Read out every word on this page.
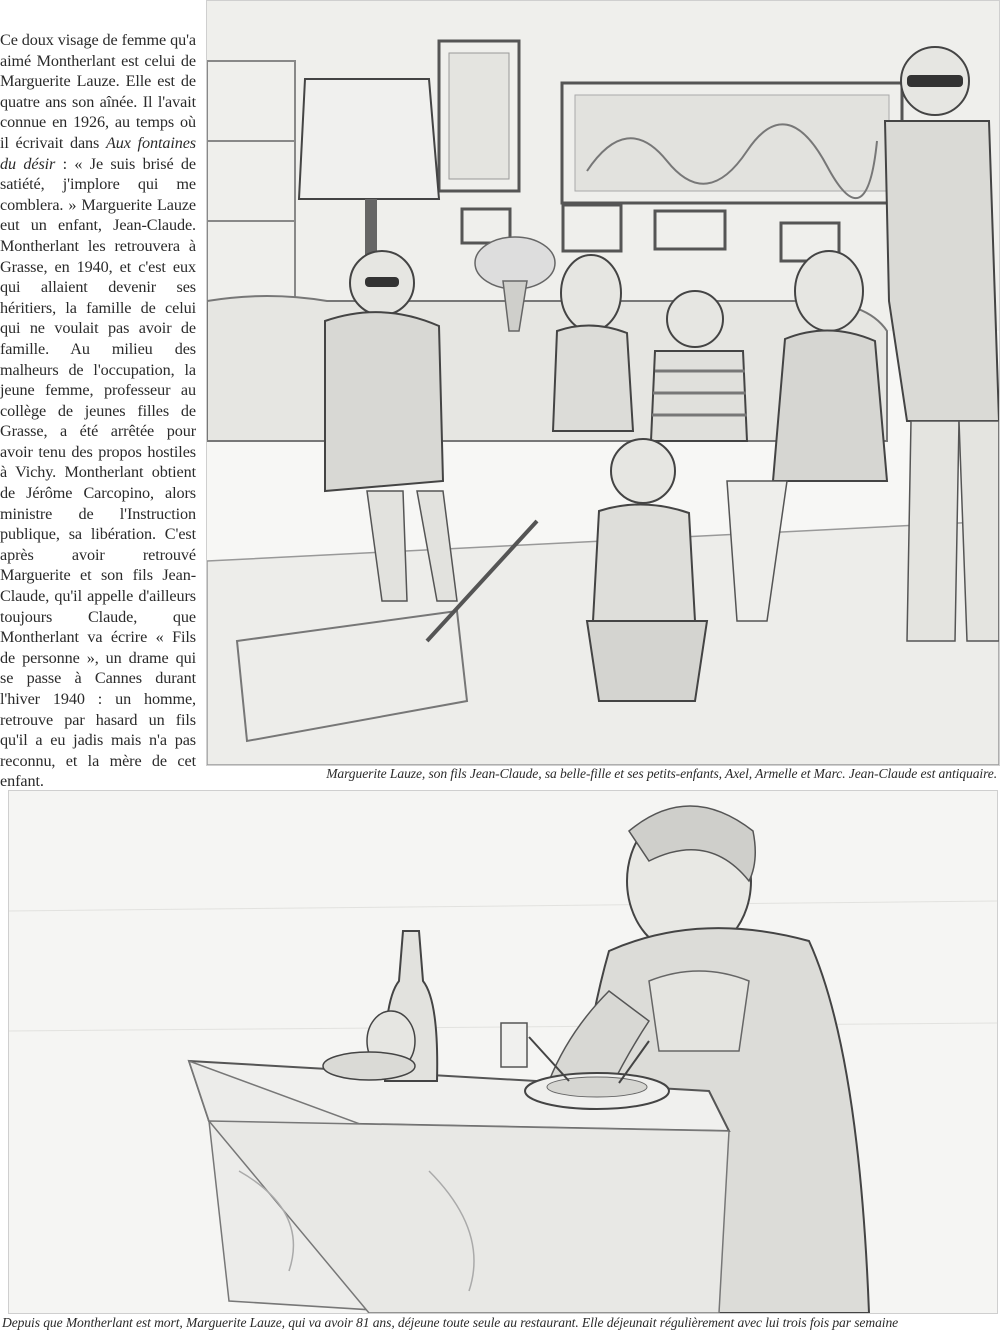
Ce doux visage de femme qu'a aimé Montherlant est celui de Marguerite Lauze. Elle est de quatre ans son aînée. Il l'avait connue en 1926, au temps où il écrivait dans Aux fontaines du désir : « Je suis brisé de satiété, j'implore qui me comblera. » Marguerite Lauze eut un enfant, Jean-Claude. Montherlant les retrouvera à Grasse, en 1940, et c'est eux qui allaient devenir ses héritiers, la famille de celui qui ne voulait pas avoir de famille. Au milieu des malheurs de l'occupation, la jeune femme, professeur au collège de jeunes filles de Grasse, a été arrêtée pour avoir tenu des propos hostiles à Vichy. Montherlant obtient de Jérôme Carcopino, alors ministre de l'Instruction publique, sa libération. C'est après avoir retrouvé Marguerite et son fils Jean-Claude, qu'il appelle d'ailleurs toujours Claude, que Montherlant va écrire « Fils de personne », un drame qui se passe à Cannes durant l'hiver 1940 : un homme, retrouve par hasard un fils qu'il a eu jadis mais n'a pas reconnu, et la mère de cet enfant.	Marguerite Lauze, son fils Jean-Claude, sa belle-fille et ses petits-enfants, Axel, Armelle et Marc. Jean-Claude est antiquaire.
Depuis que Montherlant est mort, Marguerite Lauze, qui va avoir 81 ans, déjeune toute seule au restaurant. Elle déjeunait régulièrement avec lui trois fois par semaine
